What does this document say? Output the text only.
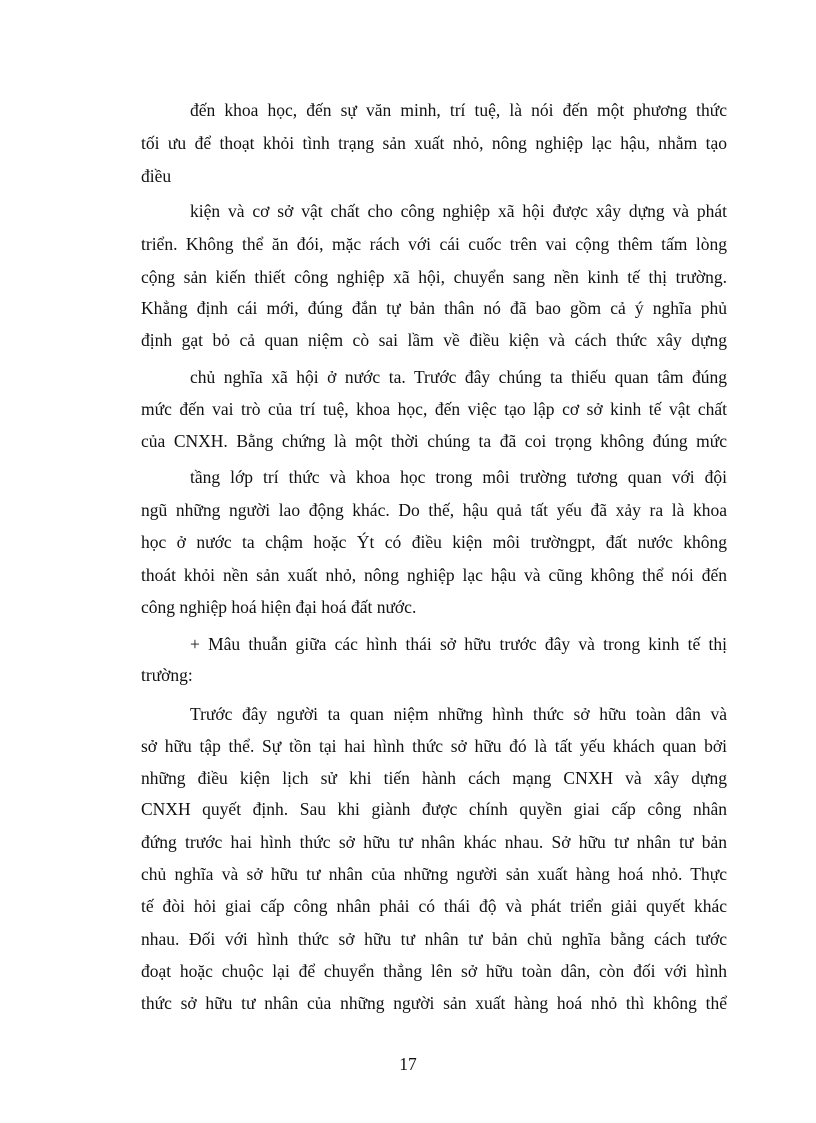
đến khoa học, đến sự văn minh, trí tuệ, là nói đến một phương thức
tối ưu để thoạt khỏi tình trạng sản xuất nhỏ, nông nghiệp lạc hậu, nhằm tạo
điều
kiện và cơ sở vật chất cho công nghiệp xã hội được xây dựng và phát
triển. Không thể ăn đói, mặc rách với cái cuốc trên vai cộng thêm tấm lòng
cộng sản kiến thiết công nghiệp xã hội, chuyển sang nền kinh tế thị trường.
Khẳng định cái mới, đúng đắn tự bản thân nó đã bao gồm cả ý nghĩa phủ
định gạt bỏ cả quan niệm cò sai lầm về điều kiện và cách thức xây dựng
chủ nghĩa xã hội ở nước ta. Trước đây chúng ta thiếu quan tâm đúng
mức đến vai trò của trí tuệ, khoa học, đến việc tạo lập cơ sở kinh tế vật chất
của CNXH. Bằng chứng là một thời chúng ta đã coi trọng không đúng mức
tầng lớp trí thức và khoa học trong môi trường tương quan với đội
ngũ những người lao động khác. Do thế, hậu quả tất yếu đã xảy ra là khoa
học ở nước ta chậm hoặc Ýt có điều kiện môi trườngpt, đất nước không
thoát khỏi nền sản xuất nhỏ, nông nghiệp lạc hậu và cũng không thể nói đến
công nghiệp hoá hiện đại hoá đất nước.
+ Mâu thuẫn giữa các hình thái sở hữu trước đây và trong kinh tế thị
trường:
Trước đây người ta quan niệm những hình thức sở hữu toàn dân và
sở hữu tập thể. Sự tồn tại hai hình thức sở hữu đó là tất yếu khách quan bởi
những điều kiện lịch sử khi tiến hành cách mạng CNXH và xây dựng
CNXH quyết định. Sau khi giành được chính quyền giai cấp công nhân
đứng trước hai hình thức sở hữu tư nhân khác nhau. Sở hữu tư nhân tư bản
chủ nghĩa và sở hữu tư nhân của những người sản xuất hàng hoá nhỏ. Thực
tế đòi hỏi giai cấp công nhân phải có thái độ và phát triển giải quyết khác
nhau. Đối với hình thức sở hữu tư nhân tư bản chủ nghĩa bằng cách tước
đoạt hoặc chuộc lại để chuyển thẳng lên sở hữu toàn dân, còn đối với hình
thức sở hữu tư nhân của những người sản xuất hàng hoá nhỏ thì không thể
17
